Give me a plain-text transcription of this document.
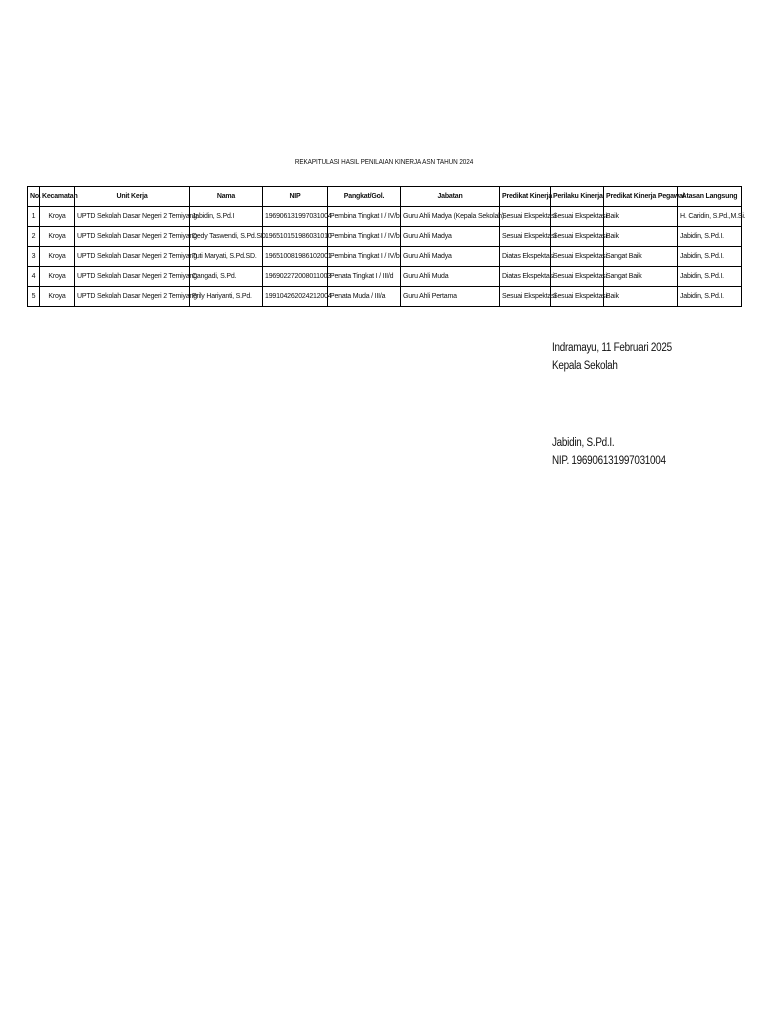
REKAPITULASI HASIL PENILAIAN KINERJA ASN TAHUN 2024
No.	Kecamatan	Unit Kerja	Nama	NIP	Pangkat/Gol.	Jabatan	Predikat Kinerja	Perilaku Kinerja	Predikat Kinerja Pegawai	Atasan Langsung
1	Kroya	UPTD Sekolah Dasar Negeri 2 Temiyang	Jabidin, S.Pd.I	196906131997031004	Pembina Tingkat I / IV/b	Guru Ahli Madya (Kepala Sekolah)	Sesuai Ekspektasi	Sesuai Ekspektasi	Baik	H. Caridin, S.Pd.,M.Si.
2	Kroya	UPTD Sekolah Dasar Negeri 2 Temiyang	Dedy Taswendi, S.Pd.SD.	196510151986031010	Pembina Tingkat I / IV/b	Guru Ahli Madya	Sesuai Ekspektasi	Sesuai Ekspektasi	Baik	Jabidin, S.Pd.I.
3	Kroya	UPTD Sekolah Dasar Negeri 2 Temiyang	Tuti Maryati, S.Pd.SD.	196510081986102001	Pembina Tingkat I / IV/b	Guru Ahli Madya	Diatas Ekspektasi	Sesuai Ekspektasi	Sangat Baik	Jabidin, S.Pd.I.
4	Kroya	UPTD Sekolah Dasar Negeri 2 Temiyang	Cangadi, S.Pd.	196902272008011003	Penata Tingkat I / III/d	Guru Ahli Muda	Diatas Ekspektasi	Sesuai Ekspektasi	Sangat Baik	Jabidin, S.Pd.I.
5	Kroya	UPTD Sekolah Dasar Negeri 2 Temiyang	Prily Hariyanti, S.Pd.	199104262024212004	Penata Muda / III/a	Guru Ahli Pertama	Sesuai Ekspektasi	Sesuai Ekspektasi	Baik	Jabidin, S.Pd.I.
Indramayu, 11 Februari 2025
Kepala Sekolah
Jabidin, S.Pd.I.
NIP. 196906131997031004
